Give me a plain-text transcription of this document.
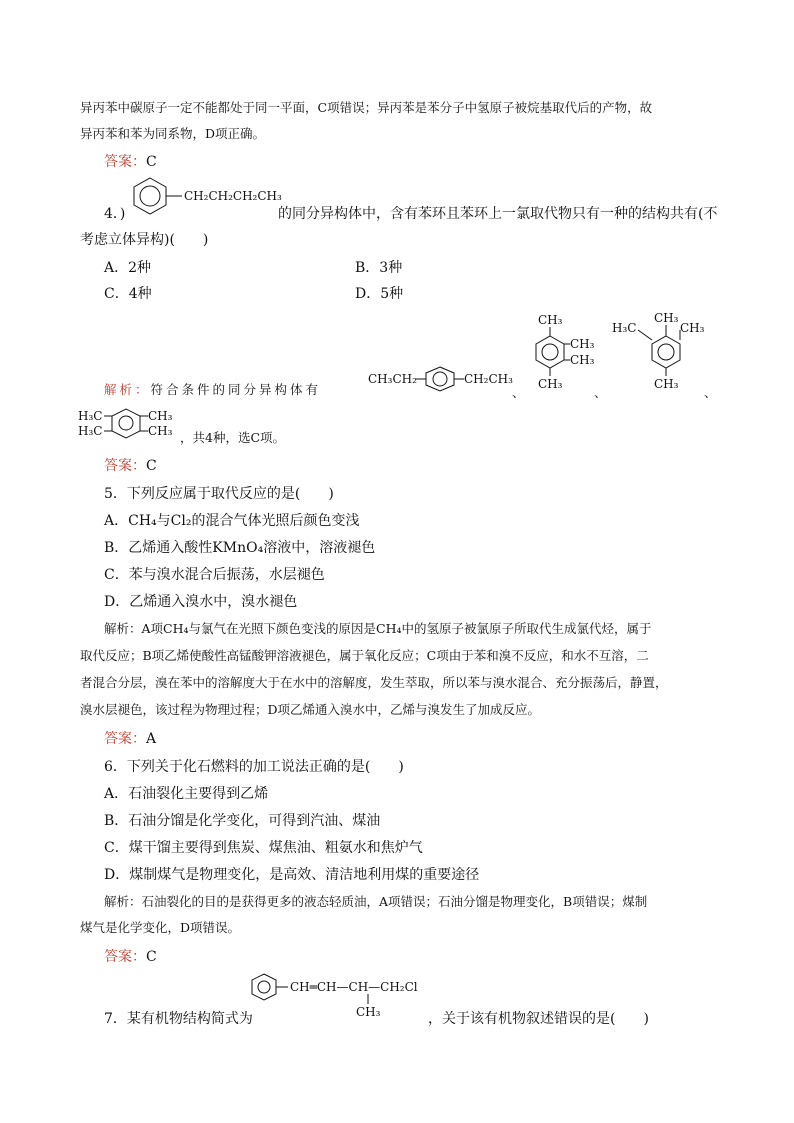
异丙苯中碳原子一定不能都处于同一平面，C项错误；异丙苯是苯分子中氢原子被烷基取代后的产物，故
异丙苯和苯为同系物，D项正确。
答案：C
4．)
CH₂CH₂CH₂CH₃
的同分异构体中，含有苯环且苯环上一氯取代物只有一种的结构共有(不
考虑立体异构)(　　)
A．2种	B．3种
C．4种	D．5种
解析：符合条件的同分异构体有
CH₃CH₂	CH₂CH₃
、
CH₃
CH₃
CH₃
CH₃
、
H₃C
CH₃
CH₃
CH₃
、
H₃C
H₃C
CH₃
CH₃ ，共4种，选C项。
答案：C
5．下列反应属于取代反应的是(　　)
A．CH₄与Cl₂的混合气体光照后颜色变浅
B．乙烯通入酸性KMnO₄溶液中，溶液褪色
C．苯与溴水混合后振荡，水层褪色
D．乙烯通入溴水中，溴水褪色
解析：A项CH₄与氯气在光照下颜色变浅的原因是CH₄中的氢原子被氯原子所取代生成氯代烃，属于
取代反应；B项乙烯使酸性高锰酸钾溶液褪色，属于氧化反应；C项由于苯和溴不反应，和水不互溶，二
者混合分层，溴在苯中的溶解度大于在水中的溶解度，发生萃取，所以苯与溴水混合、充分振荡后，静置，
溴水层褪色，该过程为物理过程；D项乙烯通入溴水中，乙烯与溴发生了加成反应。
答案：A
6．下列关于化石燃料的加工说法正确的是(　　)
A．石油裂化主要得到乙烯
B．石油分馏是化学变化，可得到汽油、煤油
C．煤干馏主要得到焦炭、煤焦油、粗氨水和焦炉气
D．煤制煤气是物理变化，是高效、清洁地利用煤的重要途径
解析：石油裂化的目的是获得更多的液态轻质油，A项错误；石油分馏是物理变化，B项错误；煤制
煤气是化学变化，D项错误。
答案：C
CH═CH—CH—CH₂Cl
CH₃
7．某有机物结构简式为	，关于该有机物叙述错误的是(　　)
